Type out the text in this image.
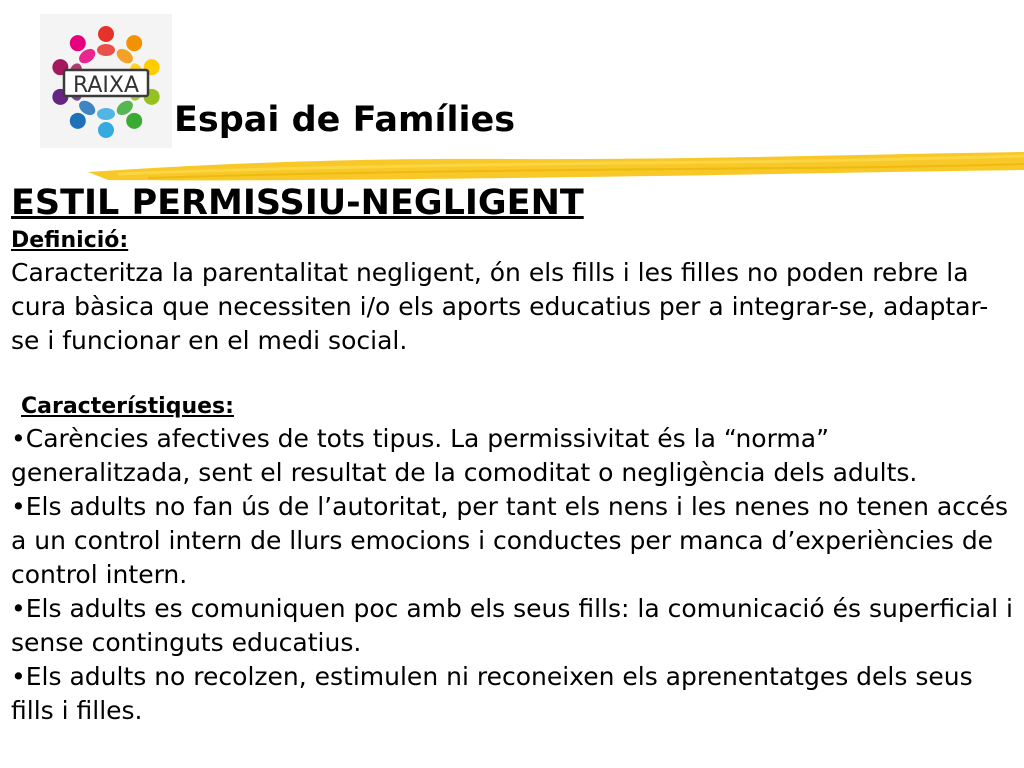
RAIXA
Espai de Famílies
ESTIL PERMISSIU-NEGLIGENT
Definició:

Caracteritza la parentalitat negligent, ón els fills i les filles no poden rebre la cura bàsica que necessiten i/o els aports educatius per a integrar-se, adaptar-se i funcionar en el medi social.

Característiques:

•Carències afectives de tots tipus. La permissivitat és la “norma” generalitzada, sent el resultat de la comoditat o negligència dels adults.

•Els adults no fan ús de l’autoritat, per tant els nens i les nenes no tenen accés a un control intern de llurs emocions i conductes per manca d’experiències de control intern.

•Els adults es comuniquen poc amb els seus fills: la comunicació és superficial i sense continguts educatius.

•Els adults no recolzen, estimulen ni reconeixen els aprenentatges dels seus fills i filles.
